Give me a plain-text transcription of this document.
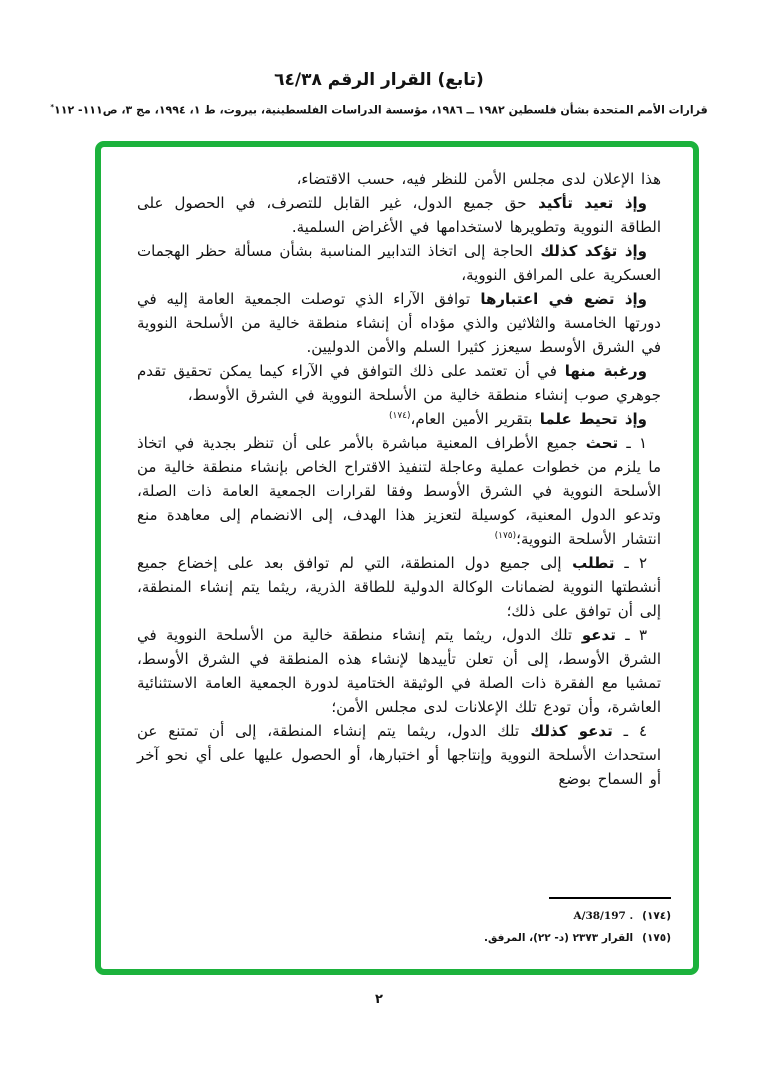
(تابع) القرار الرقم ٦٤/٣٨
قرارات الأمم المتحدة بشأن فلسطين ١٩٨٢ ــ ١٩٨٦، مؤسسة الدراسات الفلسطينية، بيروت، ط ١، ١٩٩٤، مج ٣، ص١١١- ١١٢*

هذا الإعلان لدى مجلس الأمن للنظر فيه، حسب الاقتضاء،

وإذ تعيد تأكيد حق جميع الدول، غير القابل للتصرف، في الحصول على الطاقة النووية وتطويرها لاستخدامها في الأغراض السلمية.

وإذ تؤكد كذلك الحاجة إلى اتخاذ التدابير المناسبة بشأن مسألة حظر الهجمات العسكرية على المرافق النووية،

وإذ تضع في اعتبارها توافق الآراء الذي توصلت الجمعية العامة إليه في دورتها الخامسة والثلاثين والذي مؤداه أن إنشاء منطقة خالية من الأسلحة النووية في الشرق الأوسط سيعزز كثيرا السلم والأمن الدوليين.

ورغبة منها في أن تعتمد على ذلك التوافق في الآراء كيما يمكن تحقيق تقدم جوهري صوب إنشاء منطقة خالية من الأسلحة النووية في الشرق الأوسط،

وإذ تحيط علما بتقرير الأمين العام،$^{(١٧٤)}$

١ ـ تحث جميع الأطراف المعنية مباشرة بالأمر على أن تنظر بجدية في اتخاذ ما يلزم من خطوات عملية وعاجلة لتنفيذ الاقتراح الخاص بإنشاء منطقة خالية من الأسلحة النووية في الشرق الأوسط وفقا لقرارات الجمعية العامة ذات الصلة، وتدعو الدول المعنية، كوسيلة لتعزيز هذا الهدف، إلى الانضمام إلى معاهدة منع انتشار الأسلحة النووية؛$^{(١٧٥)}$

٢ ـ تطلب إلى جميع دول المنطقة، التي لم توافق بعد على إخضاع جميع أنشطتها النووية لضمانات الوكالة الدولية للطاقة الذرية، ريثما يتم إنشاء المنطقة، إلى أن توافق على ذلك؛

٣ ـ تدعو تلك الدول، ريثما يتم إنشاء منطقة خالية من الأسلحة النووية في الشرق الأوسط، إلى أن تعلن تأييدها لإنشاء هذه المنطقة في الشرق الأوسط، تمشيا مع الفقرة ذات الصلة في الوثيقة الختامية لدورة الجمعية العامة الاستثنائية العاشرة، وأن تودع تلك الإعلانات لدى مجلس الأمن؛

٤ ـ تدعو كذلك تلك الدول، ريثما يتم إنشاء المنطقة، إلى أن تمتنع عن استحداث الأسلحة النووية وإنتاجها أو اختبارها، أو الحصول عليها على أي نحو آخر أو السماح بوضع

(١٧٤)A/38/197 .
(١٧٥)القرار ٢٣٧٣ (د- ٢٢)، المرفق.
٢
